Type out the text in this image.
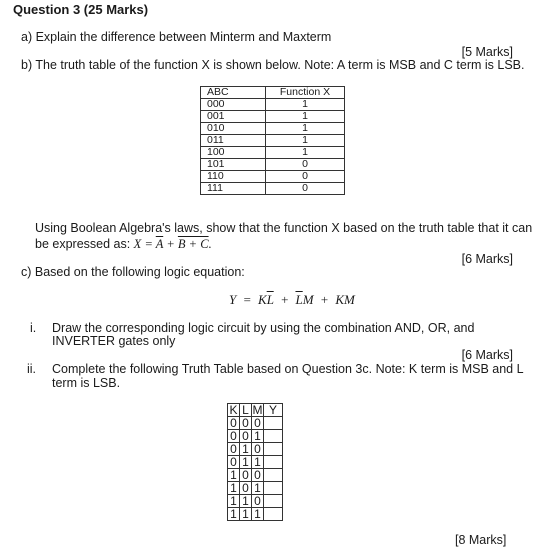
Question 3 (25 Marks)
a) Explain the difference between Minterm and Maxterm
[5 Marks]
b) The truth table of the function X is shown below. Note: A term is MSB and C term is LSB.
ABC	Function X
000	1
001	1
010	1
011	1
100	1
101	0
110	0
111	0
Using Boolean Algebra's laws, show that the function X based on the truth table that it can
be expressed as: $X = \overline{A} + B + C$.
[6 Marks]
c) Based on the following logic equation:
$Y = K\overline{L} + \overline{L}M$  +  KM
i. Draw the corresponding logic circuit by using the combination AND, OR, and
INVERTER gates only
[6 Marks]
ii. Complete the following Truth Table based on Question 3c. Note: K term is MSB and L
term is LSB.
K	L	M	Y
0	0	0	
0	0	1	
0	1	0	
0	1	1	
1	0	0	
1	0	1	
1	1	0	
1	1	1	
[8 Marks]
